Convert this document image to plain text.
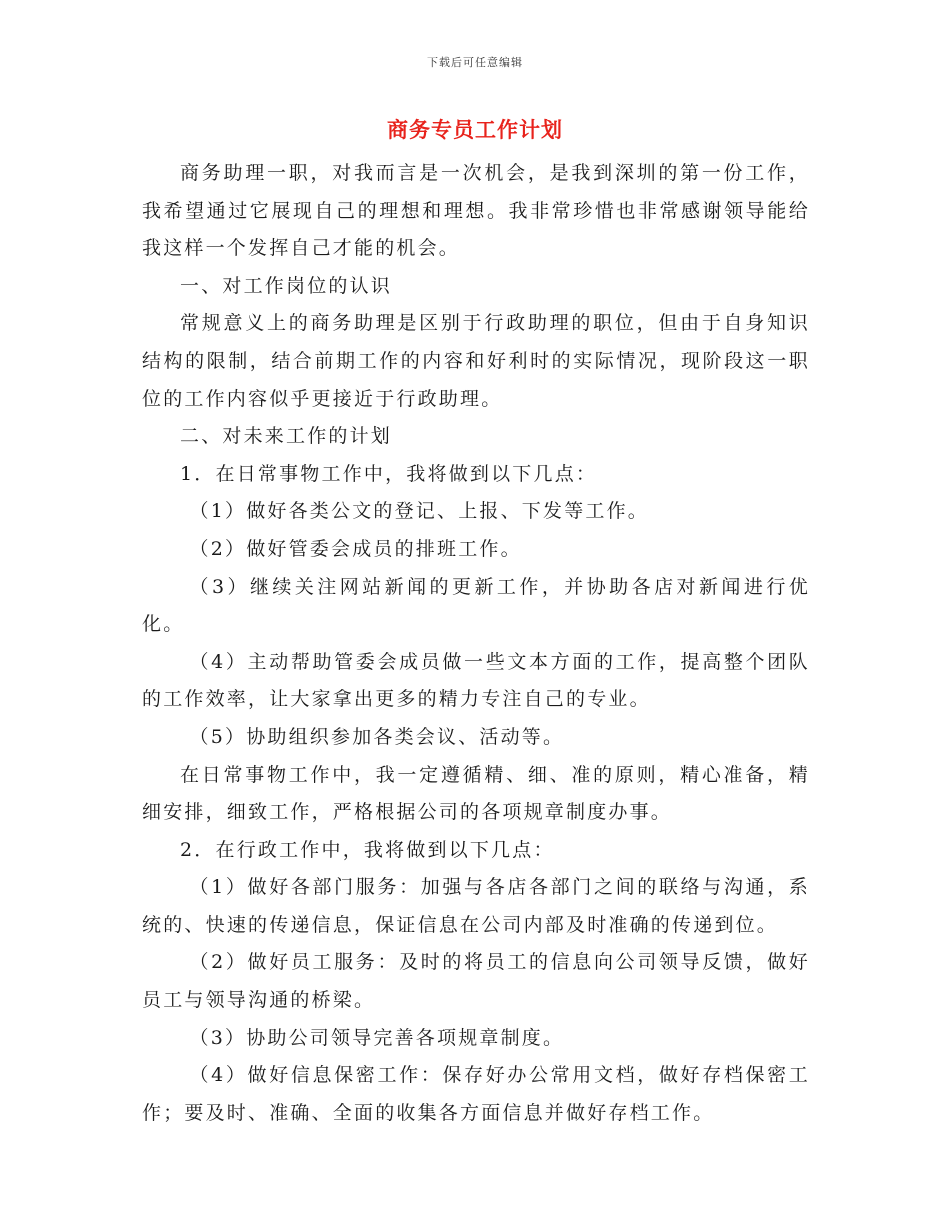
下载后可任意编辑
商务专员工作计划

商务助理一职，对我而言是一次机会，是我到深圳的第一份工作，我希望通过它展现自己的理想和理想。我非常珍惜也非常感谢领导能给我这样一个发挥自己才能的机会。

一、对工作岗位的认识

常规意义上的商务助理是区别于行政助理的职位，但由于自身知识结构的限制，结合前期工作的内容和好利时的实际情况，现阶段这一职位的工作内容似乎更接近于行政助理。

二、对未来工作的计划

1．在日常事物工作中，我将做到以下几点：

（1）做好各类公文的登记、上报、下发等工作。

（2）做好管委会成员的排班工作。

（3）继续关注网站新闻的更新工作，并协助各店对新闻进行优化。

（4）主动帮助管委会成员做一些文本方面的工作，提高整个团队的工作效率，让大家拿出更多的精力专注自己的专业。

（5）协助组织参加各类会议、活动等。

在日常事物工作中，我一定遵循精、细、准的原则，精心准备，精细安排，细致工作，严格根据公司的各项规章制度办事。

2．在行政工作中，我将做到以下几点：

（1）做好各部门服务：加强与各店各部门之间的联络与沟通，系统的、快速的传递信息，保证信息在公司内部及时准确的传递到位。

（2）做好员工服务：及时的将员工的信息向公司领导反馈，做好员工与领导沟通的桥梁。

（3）协助公司领导完善各项规章制度。

（4）做好信息保密工作：保存好办公常用文档，做好存档保密工作；要及时、准确、全面的收集各方面信息并做好存档工作。
